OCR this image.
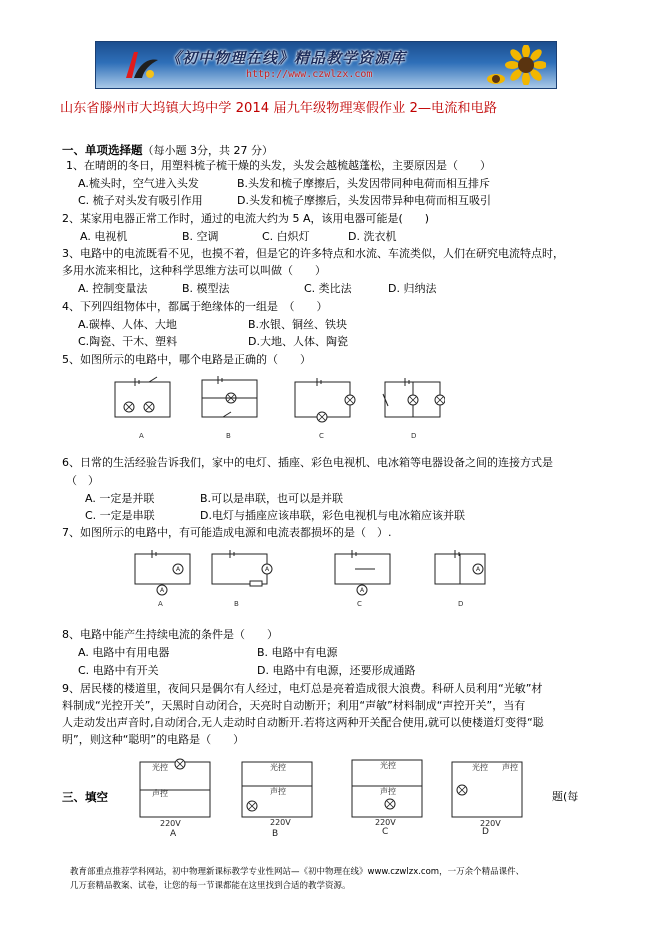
《初中物理在线》精品教学资源库
http://www.czwlzx.com
山东省滕州市大坞镇大坞中学 2014 届九年级物理寒假作业 2—电流和电路
一、单项选择题（每小题 3分，共 27 分）
1、在晴朗的冬日，用塑料梳子梳干燥的头发，头发会越梳越蓬松，主要原因是（　　）
A.梳头时，空气进入头发	B.头发和梳子摩擦后，头发因带同种电荷而相互排斥
C. 梳子对头发有吸引作用	D.头发和梳子摩擦后，头发因带异种电荷而相互吸引
2、某家用电器正常工作时，通过的电流大约为 5 A，该用电器可能是(　　)
A. 电视机	B. 空调	C. 白炽灯	D. 洗衣机
3、电路中的电流既看不见，也摸不着，但是它的许多特点和水流、车流类似，人们在研究电流特点时，
多用水流来相比，这种科学思维方法可以叫做（　　）
A. 控制变量法	B. 模型法	C. 类比法	D. 归纳法
4、下列四组物体中，都属于绝缘体的一组是　（　　）
A.碳棒、人体、大地	B.水银、铜丝、铁块
C.陶瓷、干木、塑料	D.大地、人体、陶瓷
5、如图所示的电路中，哪个电路是正确的（　　）
A	B	C	D
6、日常的生活经验告诉我们，家中的电灯、插座、彩色电视机、电冰箱等电器设备之间的连接方式是
（　）
A. 一定是并联	B.可以是串联，也可以是并联
C. 一定是串联	D.电灯与插座应该串联，彩色电视机与电冰箱应该并联
7、如图所示的电路中，有可能造成电源和电流表都损坏的是（　）.
A
A
A
A
A
A	B	C	D
8、电路中能产生持续电流的条件是（　　）
A. 电路中有用电器	B. 电路中有电源
C. 电路中有开关	D. 电路中有电源，还要形成通路
9、居民楼的楼道里，夜间只是偶尔有人经过，电灯总是亮着造成很大浪费。科研人员利用“光敏”材
料制成“光控开关”，天黑时自动闭合，天亮时自动断开；利用“声敏”材料制成“声控开关”，当有
人走动发出声音时,自动闭合,无人走动时自动断开.若将这两种开关配合使用,就可以使楼道灯变得“聪
明”，则这种“聪明”的电路是（　　）
光控
声控
220V
光控
声控
220V
光控
声控
220V
光控 声控
220V
A	B	C	D
三、填空	题(每
教育部重点推荐学科网站，初中物理新课标教学专业性网站—《初中物理在线》www.czwlzx.com，一万余个精品课件、
几万套精品教案、试卷，让您的每一节课都能在这里找到合适的教学资源。
